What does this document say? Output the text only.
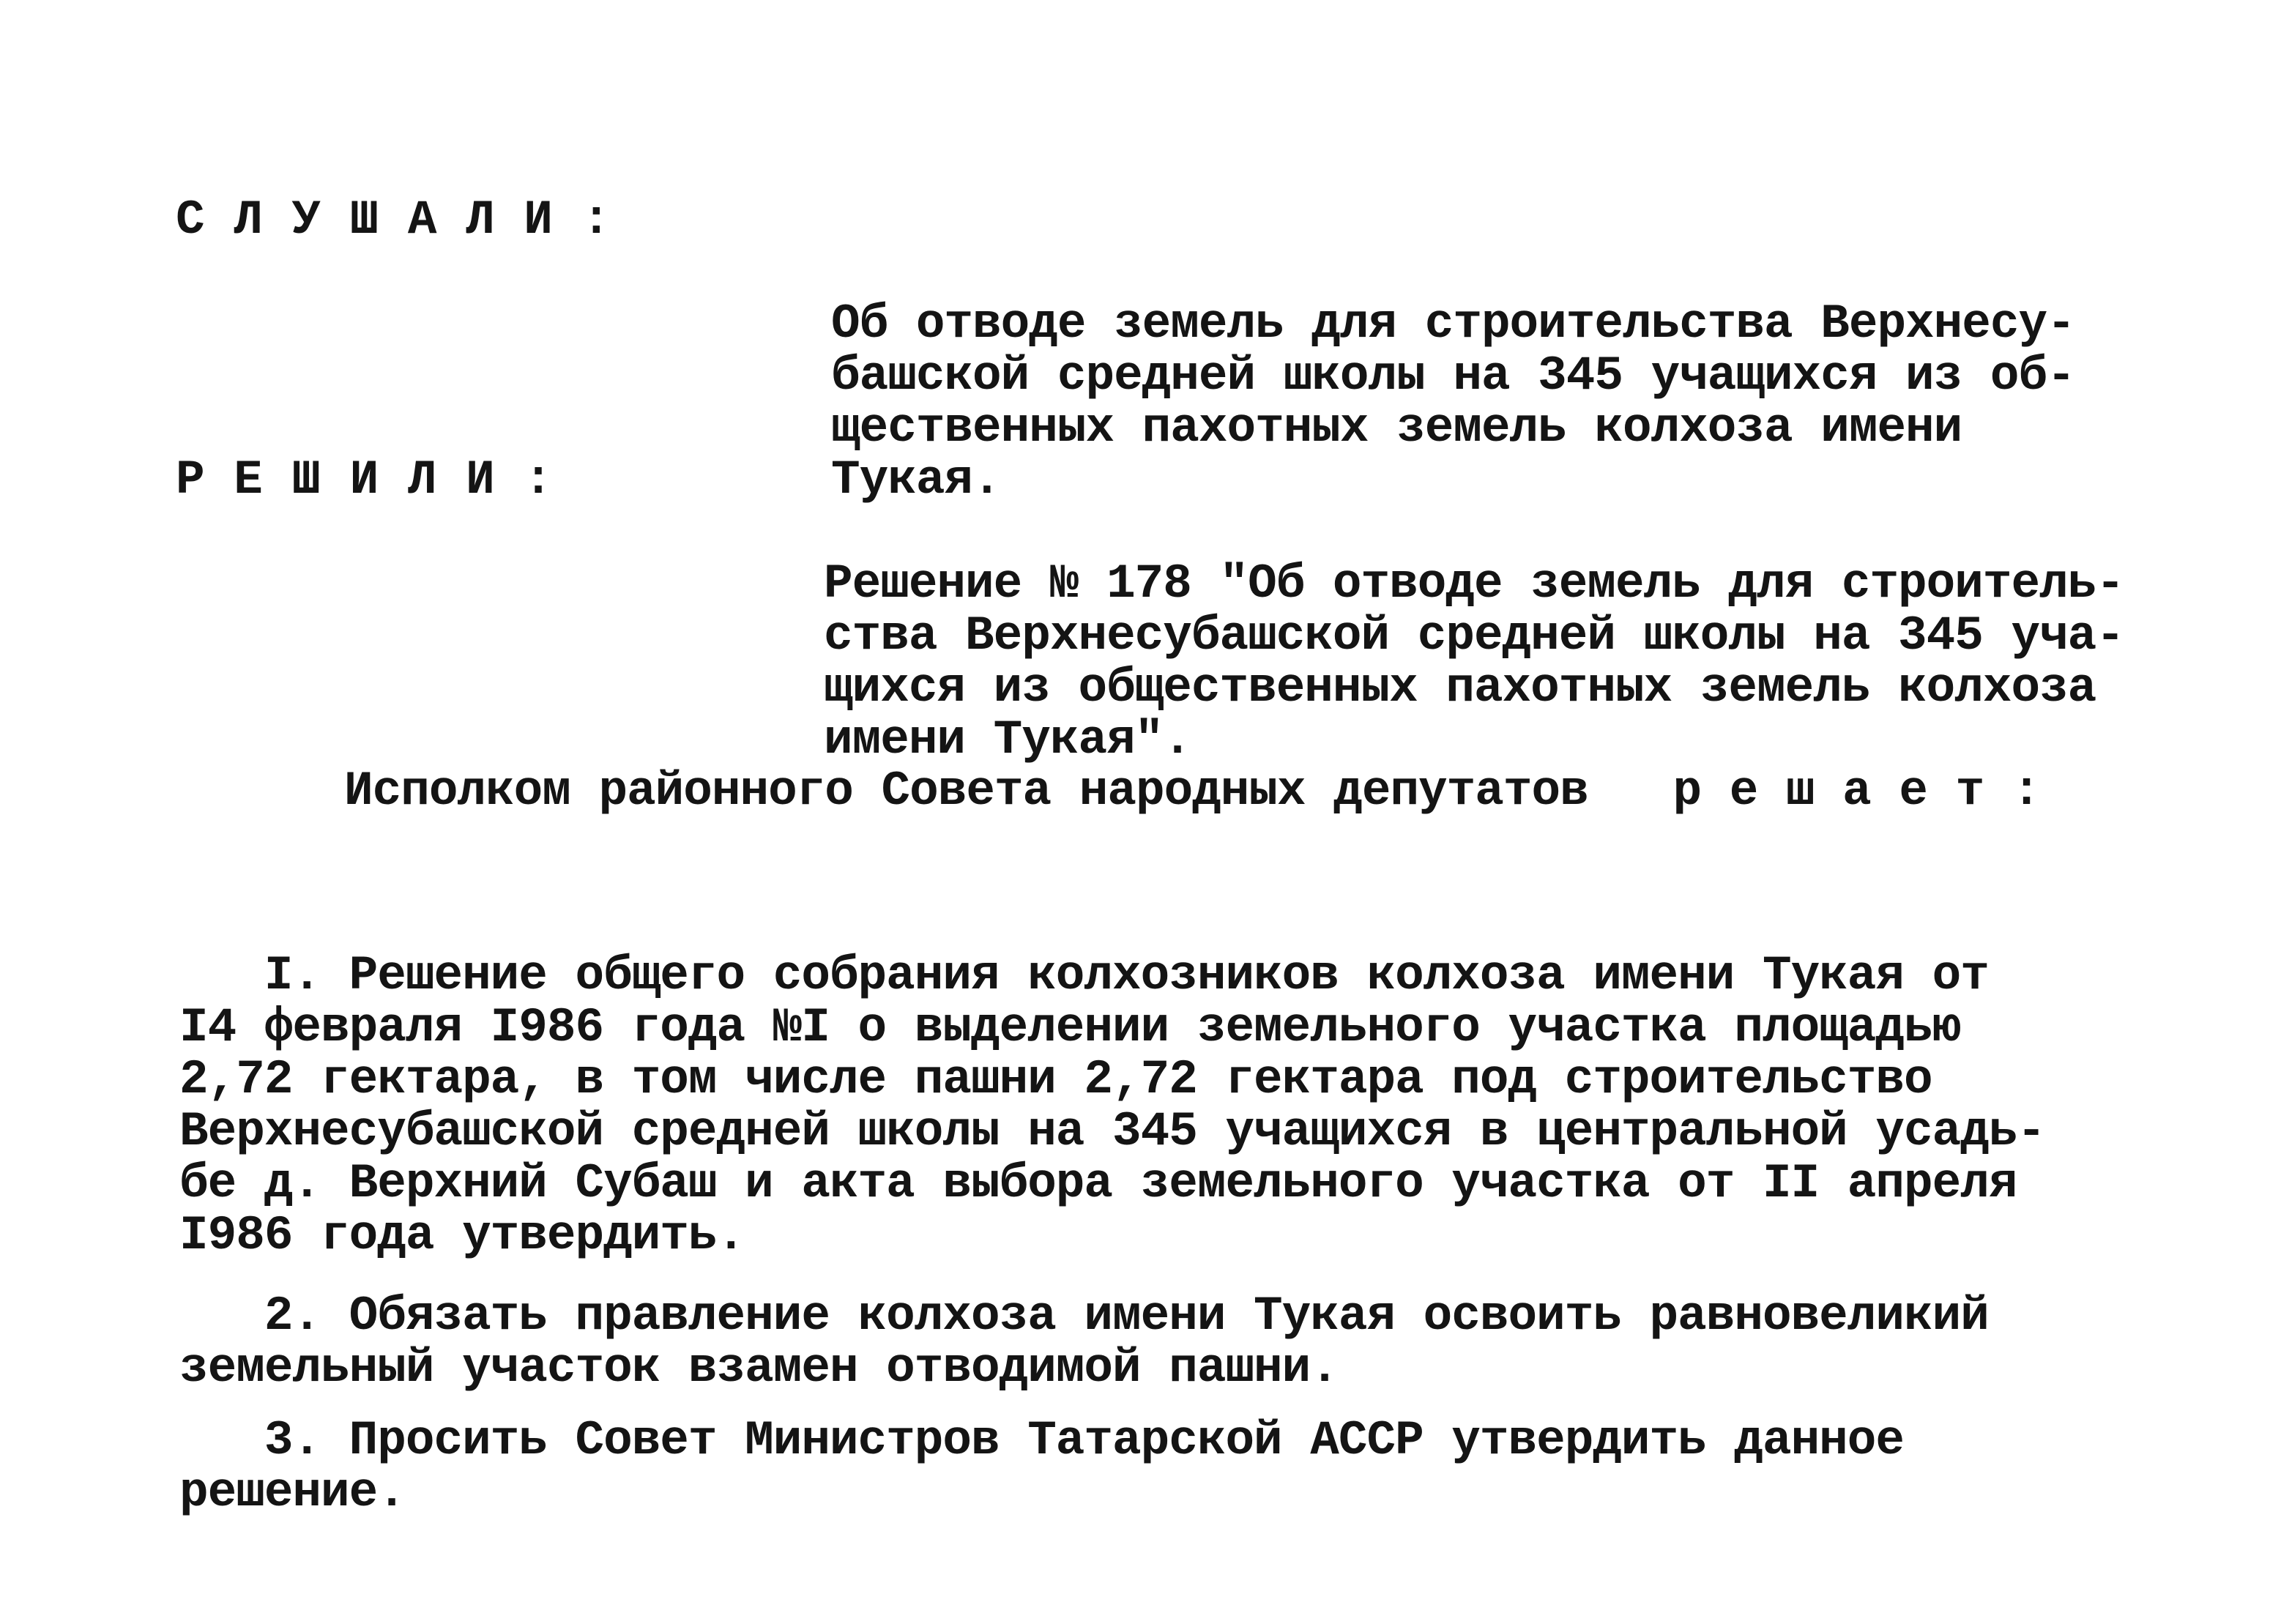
С Л У Ш А Л И :

Об отводе земель для строительства Верхнесу-
башской средней школы на 345 учащихся из об-
щественных пахотных земель колхоза имени
Тукая.

Р Е Ш И Л И :

Решение № 178 "Об отводе земель для строитель-
ства Верхнесубашской средней школы на 345 уча-
щихся из общественных пахотных земель колхоза
имени Тукая".

Исполком районного Совета народных депутатов   р е ш а е т :

I. Решение общего собрания колхозников колхоза имени Тукая от
I4 февраля I986 года №I о выделении земельного участка площадью
2,72 гектара, в том числе пашни 2,72 гектара под строительство
Верхнесубашской средней школы на 345 учащихся в центральной усадь-
бе д. Верхний Субаш и акта выбора земельного участка от II апреля
I986 года утвердить.

2. Обязать правление колхоза имени Тукая освоить равновеликий
земельный участок взамен отводимой пашни.

3. Просить Совет Министров Татарской АССР утвердить данное
решение.
